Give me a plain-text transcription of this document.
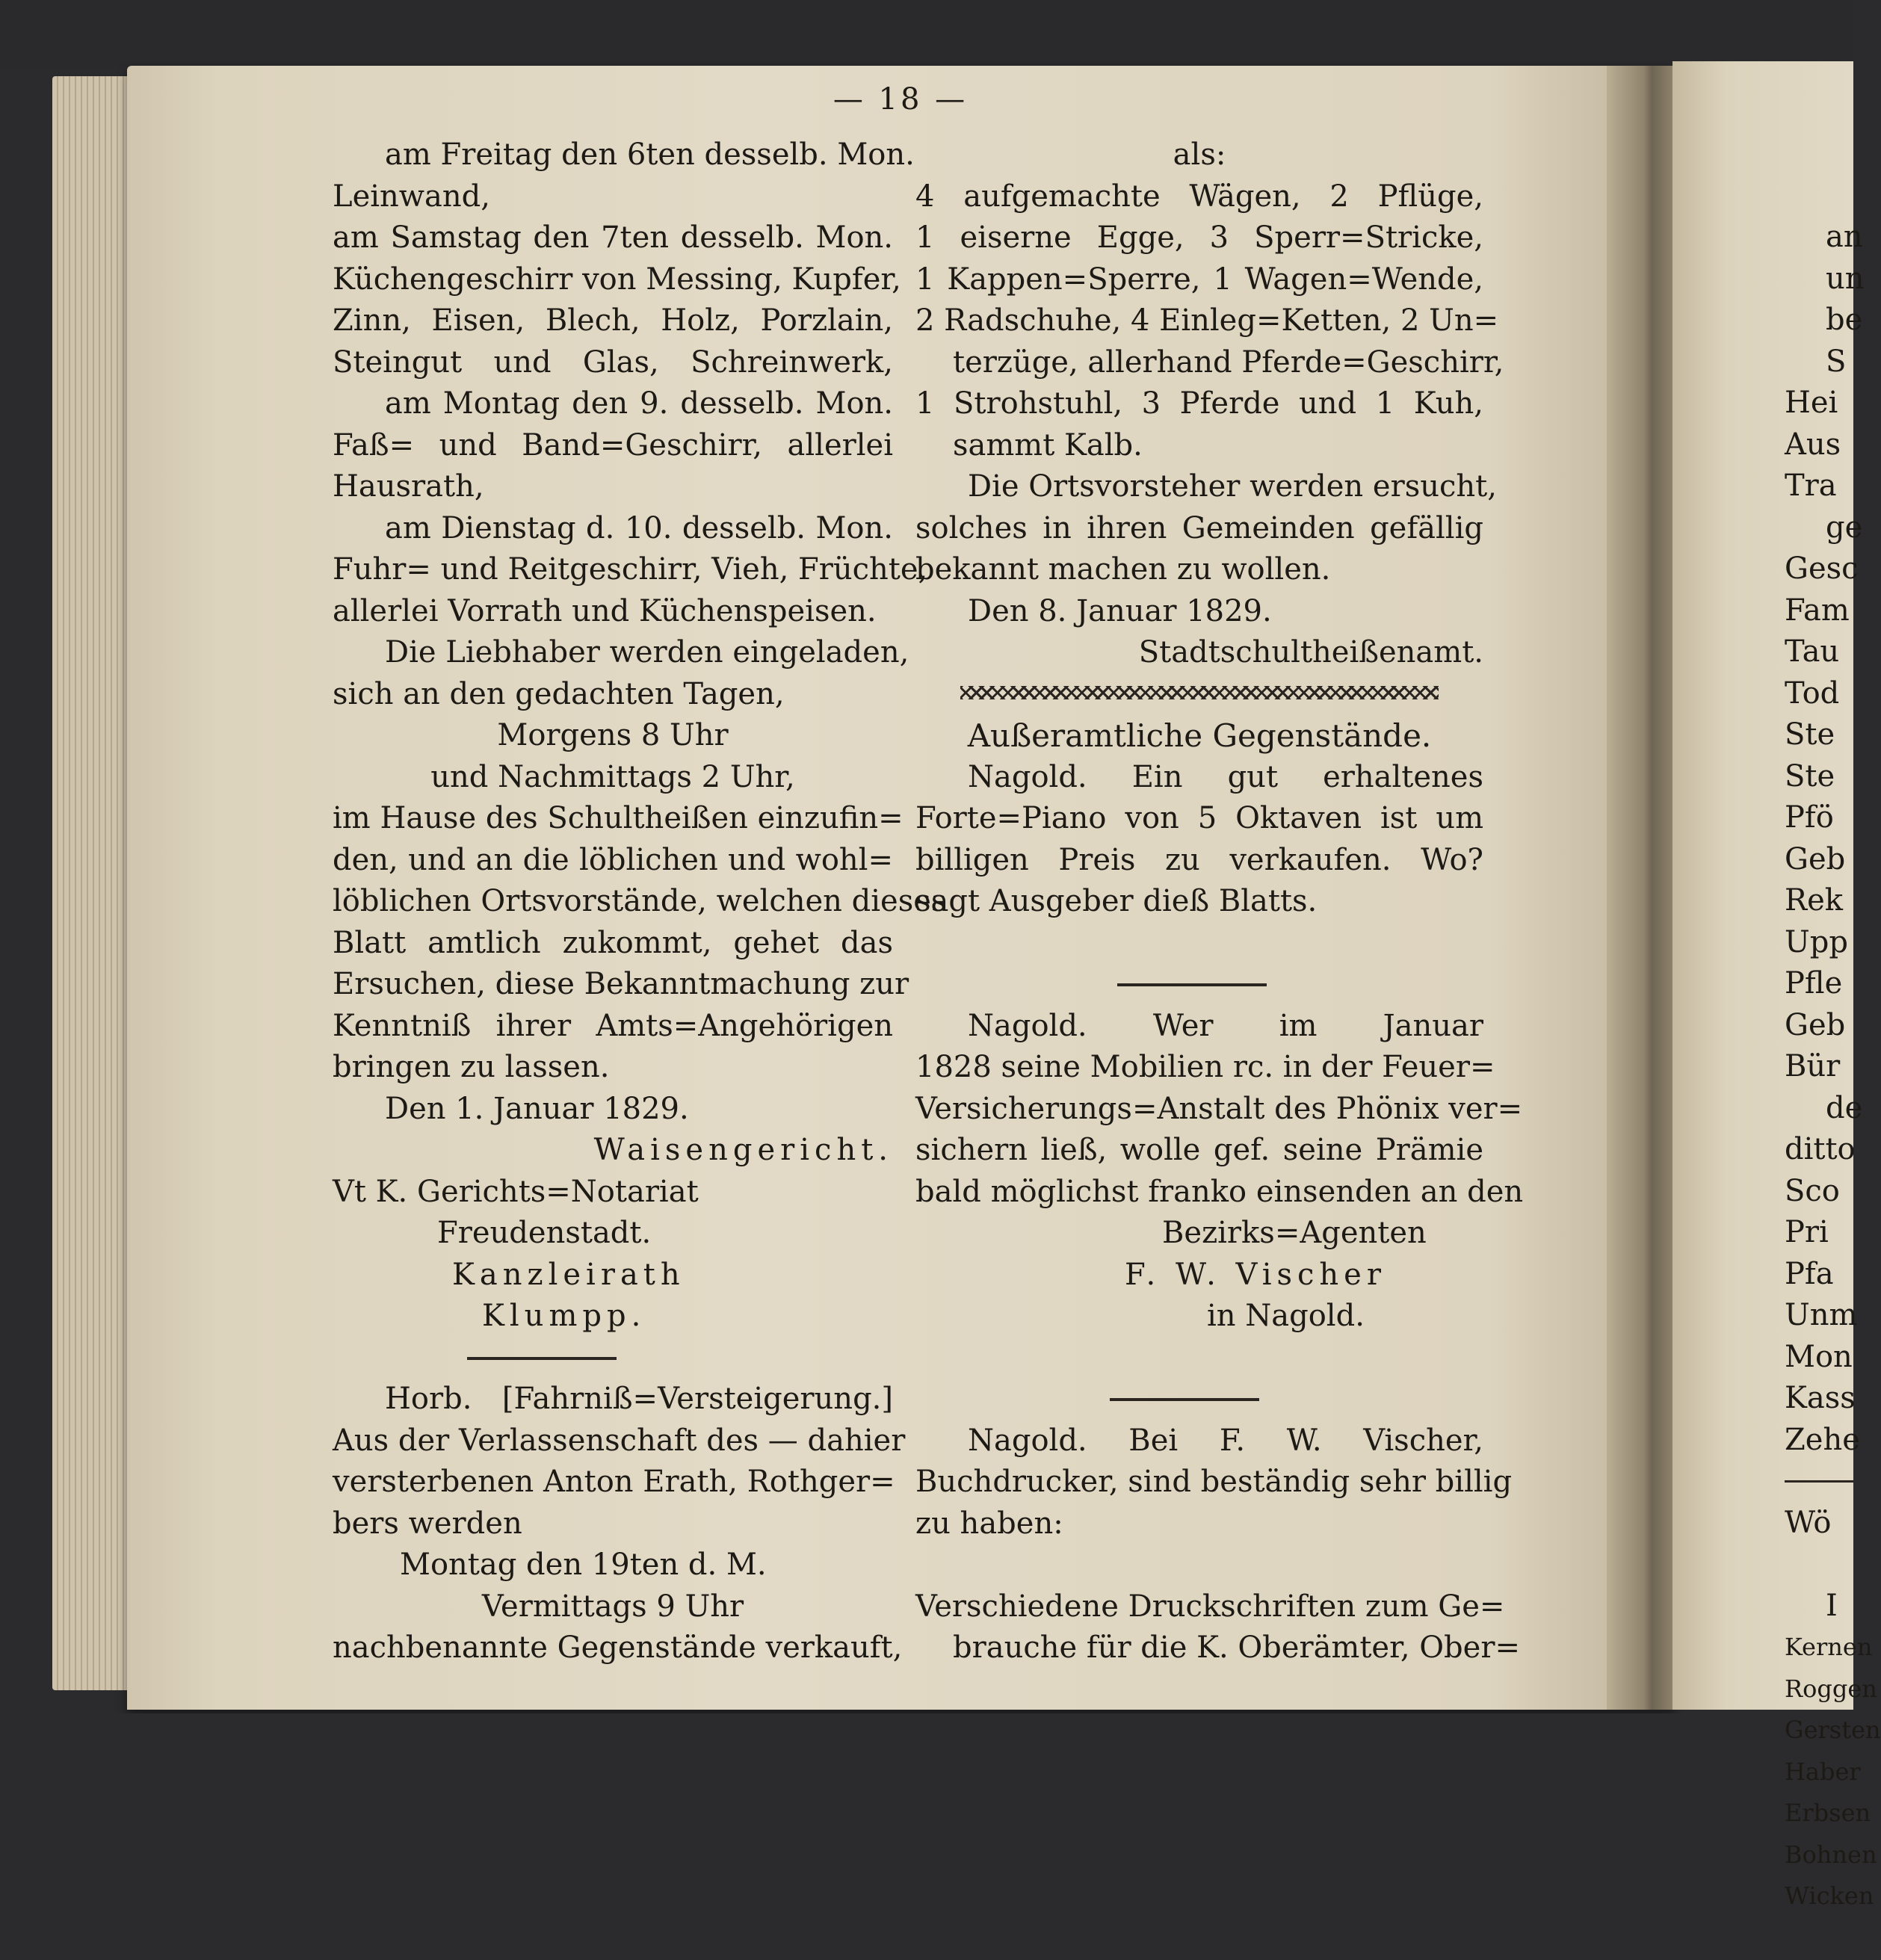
— 18 —
am Freitag den 6ten desselb. Mon.
Leinwand,
am Samstag den 7ten desselb. Mon.
Küchengeschirr von Messing, Kupfer,
Zinn, Eisen, Blech, Holz, Porzlain,
Steingut und Glas, Schreinwerk,
am Montag den 9. desselb. Mon.
Faß= und Band=Geschirr, allerlei
Hausrath,
am Dienstag d. 10. desselb. Mon.
Fuhr= und Reitgeschirr, Vieh, Früchte,
allerlei Vorrath und Küchenspeisen.
Die Liebhaber werden eingeladen,
sich an den gedachten Tagen,
Morgens 8 Uhr
und Nachmittags 2 Uhr,
im Hause des Schultheißen einzufin=
den, und an die löblichen und wohl=
löblichen Ortsvorstände, welchen dieses
Blatt amtlich zukommt, gehet das
Ersuchen, diese Bekanntmachung zur
Kenntniß ihrer Amts=Angehörigen
bringen zu lassen.
Den 1. Januar 1829.
Waisengericht.
Vt K. Gerichts=Notariat
Freudenstadt.
Kanzleirath
Klumpp.
Horb. [Fahrniß=Versteigerung.]
Aus der Verlassenschaft des — dahier
versterbenen Anton Erath, Rothger=
bers werden
Montag den 19ten d. M.
Vermittags 9 Uhr
nachbenannte Gegenstände verkauft,
als:
4 aufgemachte Wägen, 2 Pflüge,
1 eiserne Egge, 3 Sperr=Stricke,
1 Kappen=Sperre, 1 Wagen=Wende,
2 Radschuhe, 4 Einleg=Ketten, 2 Un=
terzüge, allerhand Pferde=Geschirr,
1 Strohstuhl, 3 Pferde und 1 Kuh,
sammt Kalb.
Die Ortsvorsteher werden ersucht,
solches in ihren Gemeinden gefällig
bekannt machen zu wollen.
Den 8. Januar 1829.
Stadtschultheißenamt.
Außeramtliche Gegenstände.
Nagold. Ein gut erhaltenes
Forte=Piano von 5 Oktaven ist um
billigen Preis zu verkaufen. Wo?
sagt Ausgeber dieß Blatts.
Nagold. Wer im Januar
1828 seine Mobilien rc. in der Feuer=
Versicherungs=Anstalt des Phönix ver=
sichern ließ, wolle gef. seine Prämie
bald möglichst franko einsenden an den
Bezirks=Agenten
F. W. Vischer
in Nagold.
Nagold. Bei F. W. Vischer,
Buchdrucker, sind beständig sehr billig
zu haben:
Verschiedene Druckschriften zum Ge=
brauche für die K. Oberämter, Ober=
an
un
be
S
Hei
Aus
Tra
ge
Gesc
Fam
Tau
Tod
Ste
Ste
Pfö
Geb
Rek
Upp
Pfle
Geb
Bür
de
ditto
Sco
Pri
Pfa
Unm
Mon
Kass
Zehe
Wö
I
Kernen
Roggen
Gersten
Haber
Erbsen
Bohnen
Wicken
